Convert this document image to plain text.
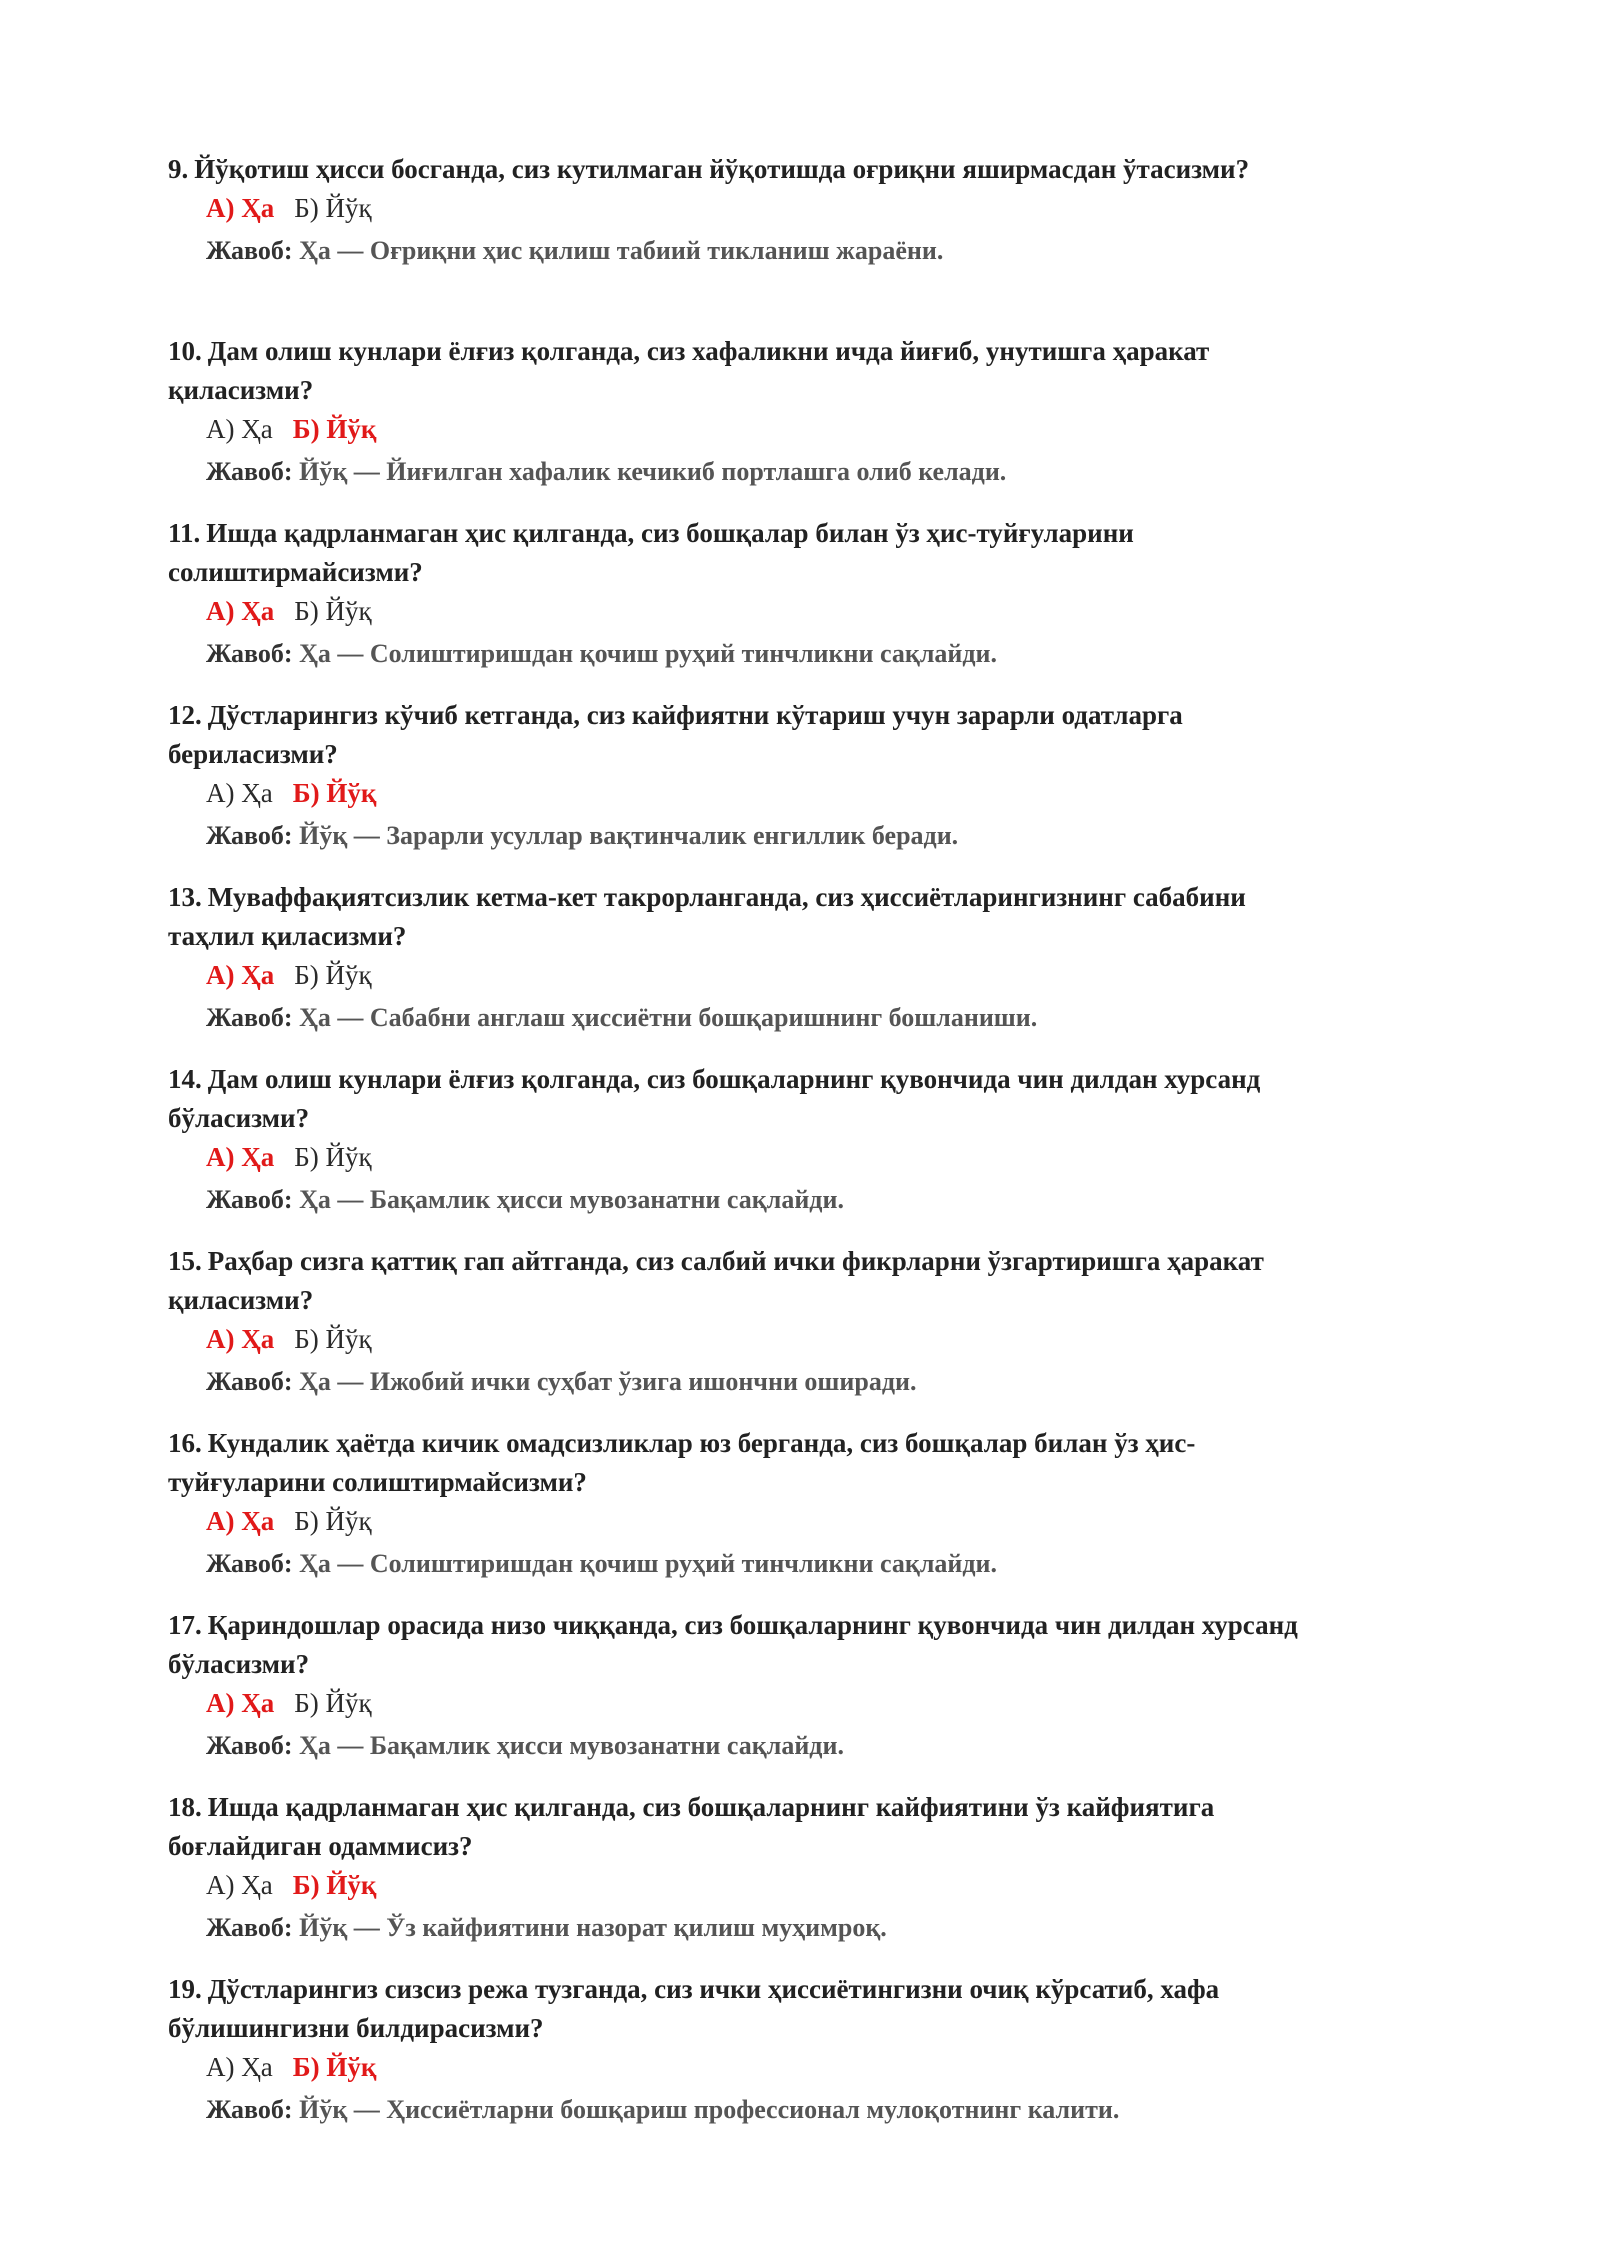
9. Йўқотиш ҳисси босганда, сиз кутилмаган йўқотишда оғриқни яширмасдан ўтасизми?

А) Ҳа Б) Йўқ
Жавоб: Ҳа — Оғриқни ҳис қилиш табиий тикланиш жараёни.

10. Дам олиш кунлари ёлғиз қолганда, сиз хафаликни ичда йиғиб, унутишга ҳаракат
қиласизми?

А) Ҳа Б) Йўқ
Жавоб: Йўқ — Йиғилган хафалик кечикиб портлашга олиб келади.

11. Ишда қадрланмаган ҳис қилганда, сиз бошқалар билан ўз ҳис-туйғуларини
солиштирмайсизми?

А) Ҳа Б) Йўқ
Жавоб: Ҳа — Солиштиришдан қочиш руҳий тинчликни сақлайди.

12. Дўстларингиз кўчиб кетганда, сиз кайфиятни кўтариш учун зарарли одатларга
бериласизми?

А) Ҳа Б) Йўқ
Жавоб: Йўқ — Зарарли усуллар вақтинчалик енгиллик беради.

13. Муваффақиятсизлик кетма-кет такрорланганда, сиз ҳиссиётларингизнинг сабабини
таҳлил қиласизми?

А) Ҳа Б) Йўқ
Жавоб: Ҳа — Сабабни англаш ҳиссиётни бошқаришнинг бошланиши.

14. Дам олиш кунлари ёлғиз қолганда, сиз бошқаларнинг қувончида чин дилдан хурсанд
бўласизми?

А) Ҳа Б) Йўқ
Жавоб: Ҳа — Бақамлик ҳисси мувозанатни сақлайди.

15. Раҳбар сизга қаттиқ гап айтганда, сиз салбий ички фикрларни ўзгартиришга ҳаракат
қиласизми?

А) Ҳа Б) Йўқ
Жавоб: Ҳа — Ижобий ички суҳбат ўзига ишончни оширади.

16. Кундалик ҳаётда кичик омадсизликлар юз берганда, сиз бошқалар билан ўз ҳис-
туйғуларини солиштирмайсизми?

А) Ҳа Б) Йўқ
Жавоб: Ҳа — Солиштиришдан қочиш руҳий тинчликни сақлайди.

17. Қариндошлар орасида низо чиққанда, сиз бошқаларнинг қувончида чин дилдан хурсанд
бўласизми?

А) Ҳа Б) Йўқ
Жавоб: Ҳа — Бақамлик ҳисси мувозанатни сақлайди.

18. Ишда қадрланмаган ҳис қилганда, сиз бошқаларнинг кайфиятини ўз кайфиятига
боғлайдиган одаммисиз?

А) Ҳа Б) Йўқ
Жавоб: Йўқ — Ўз кайфиятини назорат қилиш муҳимроқ.

19. Дўстларингиз сизсиз режа тузганда, сиз ички ҳиссиётингизни очиқ кўрсатиб, хафа
бўлишингизни билдирасизми?

А) Ҳа Б) Йўқ
Жавоб: Йўқ — Ҳиссиётларни бошқариш профессионал мулоқотнинг калити.
